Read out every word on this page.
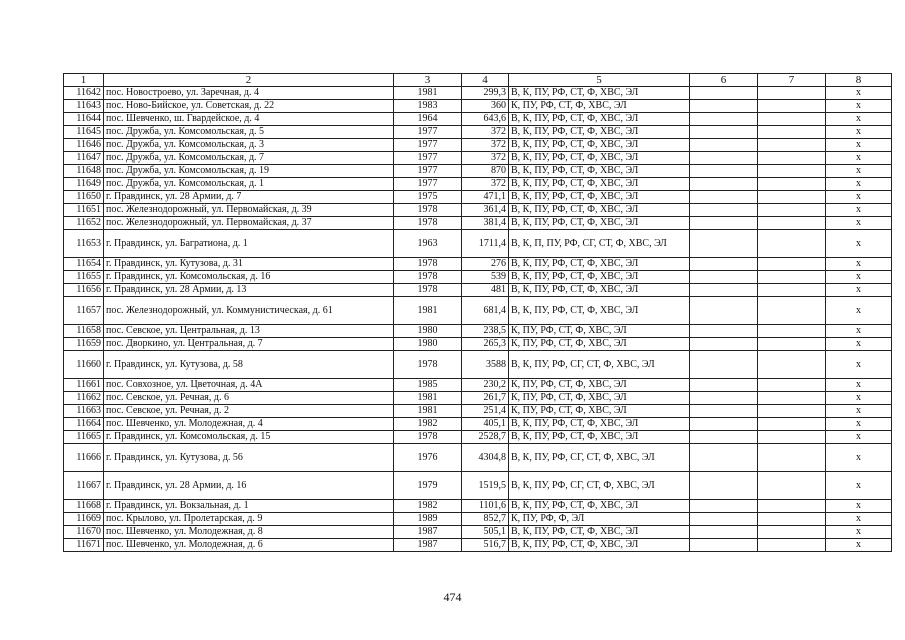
1	2	3	4	5	6	7	8
11642	пос. Новостроево, ул. Заречная, д. 4	1981	299,3	В, К, ПУ, РФ, СТ, Ф, ХВС, ЭЛ			x
11643	пос. Ново-Бийское, ул. Советская, д. 22	1983	360	К, ПУ, РФ, СТ, Ф, ХВС, ЭЛ			x
11644	пос. Шевченко, ш. Гвардейское, д. 4	1964	643,6	В, К, ПУ, РФ, СТ, Ф, ХВС, ЭЛ			x
11645	пос. Дружба, ул. Комсомольская, д. 5	1977	372	В, К, ПУ, РФ, СТ, Ф, ХВС, ЭЛ			x
11646	пос. Дружба, ул. Комсомольская, д. 3	1977	372	В, К, ПУ, РФ, СТ, Ф, ХВС, ЭЛ			x
11647	пос. Дружба, ул. Комсомольская, д. 7	1977	372	В, К, ПУ, РФ, СТ, Ф, ХВС, ЭЛ			x
11648	пос. Дружба, ул. Комсомольская, д. 19	1977	870	В, К, ПУ, РФ, СТ, Ф, ХВС, ЭЛ			x
11649	пос. Дружба, ул. Комсомольская, д. 1	1977	372	В, К, ПУ, РФ, СТ, Ф, ХВС, ЭЛ			x
11650	г. Правдинск, ул. 28 Армии, д. 7	1975	471,1	В, К, ПУ, РФ, СТ, Ф, ХВС, ЭЛ			x
11651	пос. Железнодорожный, ул. Первомайская, д. 39	1978	361,4	В, К, ПУ, РФ, СТ, Ф, ХВС, ЭЛ			x
11652	пос. Железнодорожный, ул. Первомайская, д. 37	1978	381,4	В, К, ПУ, РФ, СТ, Ф, ХВС, ЭЛ			x
11653	г. Правдинск, ул. Багратиона, д. 1	1963	1711,4	В, К, П, ПУ, РФ, СГ, СТ, Ф, ХВС, ЭЛ			x
11654	г. Правдинск, ул. Кутузова, д. 31	1978	276	В, К, ПУ, РФ, СТ, Ф, ХВС, ЭЛ			x
11655	г. Правдинск, ул. Комсомольская, д. 16	1978	539	В, К, ПУ, РФ, СТ, Ф, ХВС, ЭЛ			x
11656	г. Правдинск, ул. 28 Армии, д. 13	1978	481	В, К, ПУ, РФ, СТ, Ф, ХВС, ЭЛ			x
11657	пос. Железнодорожный, ул. Коммунистическая, д. 61	1981	681,4	В, К, ПУ, РФ, СТ, Ф, ХВС, ЭЛ			x
11658	пос. Севское, ул. Центральная, д. 13	1980	238,5	К, ПУ, РФ, СТ, Ф, ХВС, ЭЛ			x
11659	пос. Дворкино, ул. Центральная, д. 7	1980	265,3	К, ПУ, РФ, СТ, Ф, ХВС, ЭЛ			x
11660	г. Правдинск, ул. Кутузова, д. 58	1978	3588	В, К, ПУ, РФ, СГ, СТ, Ф, ХВС, ЭЛ			x
11661	пос. Совхозное, ул. Цветочная, д. 4А	1985	230,2	К, ПУ, РФ, СТ, Ф, ХВС, ЭЛ			x
11662	пос. Севское, ул. Речная, д. 6	1981	261,7	К, ПУ, РФ, СТ, Ф, ХВС, ЭЛ			x
11663	пос. Севское, ул. Речная, д. 2	1981	251,4	К, ПУ, РФ, СТ, Ф, ХВС, ЭЛ			x
11664	пос. Шевченко, ул. Молодежная, д. 4	1982	405,1	В, К, ПУ, РФ, СТ, Ф, ХВС, ЭЛ			x
11665	г. Правдинск, ул. Комсомольская, д. 15	1978	2528,7	В, К, ПУ, РФ, СТ, Ф, ХВС, ЭЛ			x
11666	г. Правдинск, ул. Кутузова, д. 56	1976	4304,8	В, К, ПУ, РФ, СГ, СТ, Ф, ХВС, ЭЛ			x
11667	г. Правдинск, ул. 28 Армии, д. 16	1979	1519,5	В, К, ПУ, РФ, СГ, СТ, Ф, ХВС, ЭЛ			x
11668	г. Правдинск, ул. Вокзальная, д. 1	1982	1101,6	В, К, ПУ, РФ, СТ, Ф, ХВС, ЭЛ			x
11669	пос. Крылово, ул. Пролетарская, д. 9	1989	852,7	К, ПУ, РФ, Ф, ЭЛ			x
11670	пос. Шевченко, ул. Молодежная, д. 8	1987	505,1	В, К, ПУ, РФ, СТ, Ф, ХВС, ЭЛ			x
11671	пос. Шевченко, ул. Молодежная, д. 6	1987	516,7	В, К, ПУ, РФ, СТ, Ф, ХВС, ЭЛ			x
474
